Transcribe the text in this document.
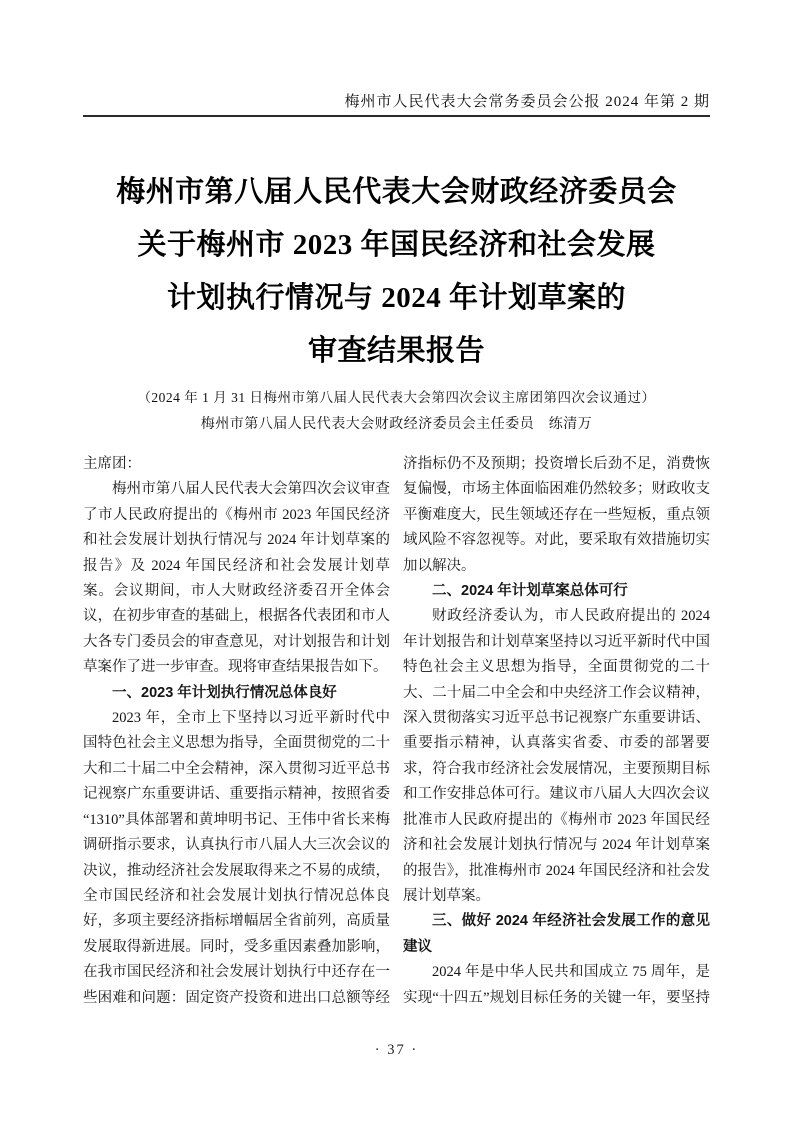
梅州市人民代表大会常务委员会公报 2024 年第 2 期
梅州市第八届人民代表大会财政经济委员会
关于梅州市 2023 年国民经济和社会发展
计划执行情况与 2024 年计划草案的
审查结果报告
（2024 年 1 月 31 日梅州市第八届人民代表大会第四次会议主席团第四次会议通过）
梅州市第八届人民代表大会财政经济委员会主任委员　练清万

主席团：

梅州市第八届人民代表大会第四次会议审查了市人民政府提出的《梅州市 2023 年国民经济和社会发展计划执行情况与 2024 年计划草案的报告》及 2024 年国民经济和社会发展计划草案。会议期间，市人大财政经济委召开全体会议，在初步审查的基础上，根据各代表团和市人大各专门委员会的审查意见，对计划报告和计划草案作了进一步审查。现将审查结果报告如下。

一、2023 年计划执行情况总体良好

2023 年，全市上下坚持以习近平新时代中国特色社会主义思想为指导，全面贯彻党的二十大和二十届二中全会精神，深入贯彻习近平总书记视察广东重要讲话、重要指示精神，按照省委“1310”具体部署和黄坤明书记、王伟中省长来梅调研指示要求，认真执行市八届人大三次会议的决议，推动经济社会发展取得来之不易的成绩，全市国民经济和社会发展计划执行情况总体良好，多项主要经济指标增幅居全省前列，高质量发展取得新进展。同时，受多重因素叠加影响，在我市国民经济和社会发展计划执行中还存在一些困难和问题：固定资产投资和进出口总额等经

济指标仍不及预期；投资增长后劲不足，消费恢复偏慢，市场主体面临困难仍然较多；财政收支平衡难度大，民生领域还存在一些短板，重点领域风险不容忽视等。对此，要采取有效措施切实加以解决。

二、2024 年计划草案总体可行

财政经济委认为，市人民政府提出的 2024 年计划报告和计划草案坚持以习近平新时代中国特色社会主义思想为指导，全面贯彻党的二十大、二十届二中全会和中央经济工作会议精神，深入贯彻落实习近平总书记视察广东重要讲话、重要指示精神，认真落实省委、市委的部署要求，符合我市经济社会发展情况，主要预期目标和工作安排总体可行。建议市八届人大四次会议批准市人民政府提出的《梅州市 2023 年国民经济和社会发展计划执行情况与 2024 年计划草案的报告》，批准梅州市 2024 年国民经济和社会发展计划草案。

三、做好 2024 年经济社会发展工作的意见建议

2024 年是中华人民共和国成立 75 周年，是实现“十四五”规划目标任务的关键一年，要坚持

· 37 ·
